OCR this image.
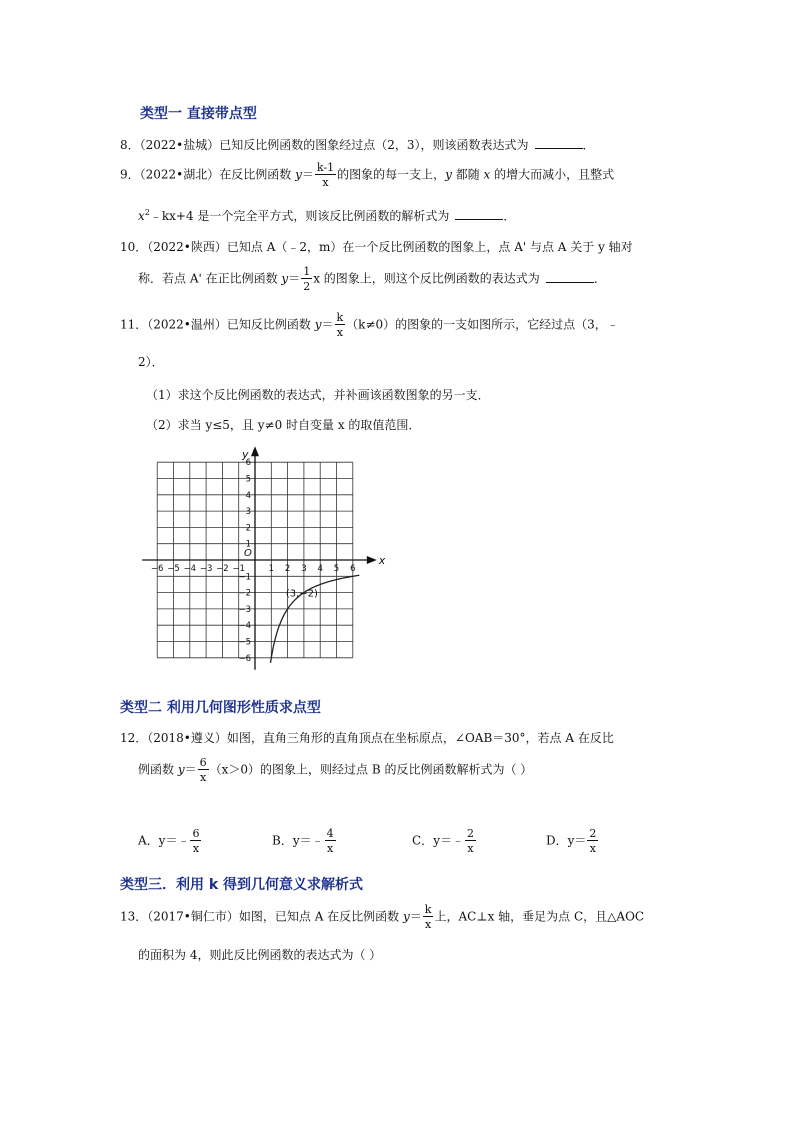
类型一 直接带点型
8．（2022•盐城）已知反比例函数的图象经过点（2，3），则该函数表达式为	．
9．（2022•湖北）在反比例函数 $y= \frac{k-1}{x}$ 的图象的每一支上，y 都随 x 的增大而减小，且整式
$x^2﹣kx+4$ 是一个完全平方式，则该反比例函数的解析式为	．
10．（2022•陕西）已知点 A（﹣2，m）在一个反比例函数的图象上，点 A' 与点 A 关于 y 轴对
称．若点 A' 在正比例函数 $y= \frac{1}{2}$ x 的图象上，则这个反比例函数的表达式为	．
11．（2022•温州）已知反比例函数 $y= \frac{k}{x} (k\ne 0)$的图象的一支如图所示，它经过点（3，﹣
2）．
（1）求这个反比例函数的表达式，并补画该函数图象的另一支．
（2）求当 y≤5，且 y≠0 时自变量 x 的取值范围．
−6 −5 −4 −3 −2 −1	1 2 3 4 5 6
6
5
4
3
2
1
−1
−2
−3
−4
−5
−6
x
y
O
(3,−2)
类型二 利用几何图形性质求点型
12．（2018•遵义）如图，直角三角形的直角顶点在坐标原点，∠OAB＝30°，若点 A 在反比
例函数 $y= \frac{6}{x} (x>0)$的图象上，则经过点 B 的反比例函数解析式为（ ）
A．y＝﹣ $\frac{6}{x}$	B．y＝﹣ $\frac{4}{x}$	C．y＝﹣ $\frac{2}{x}$	D．$y= \frac{2}{x}$
类型三．利用 k 得到几何意义求解析式
13．（2017•铜仁市）如图，已知点 A 在反比例函数 $y= \frac{k}{x}$ 上，AC⊥x 轴，垂足为点 C，且△AOC
的面积为 4，则此反比例函数的表达式为（ ）
